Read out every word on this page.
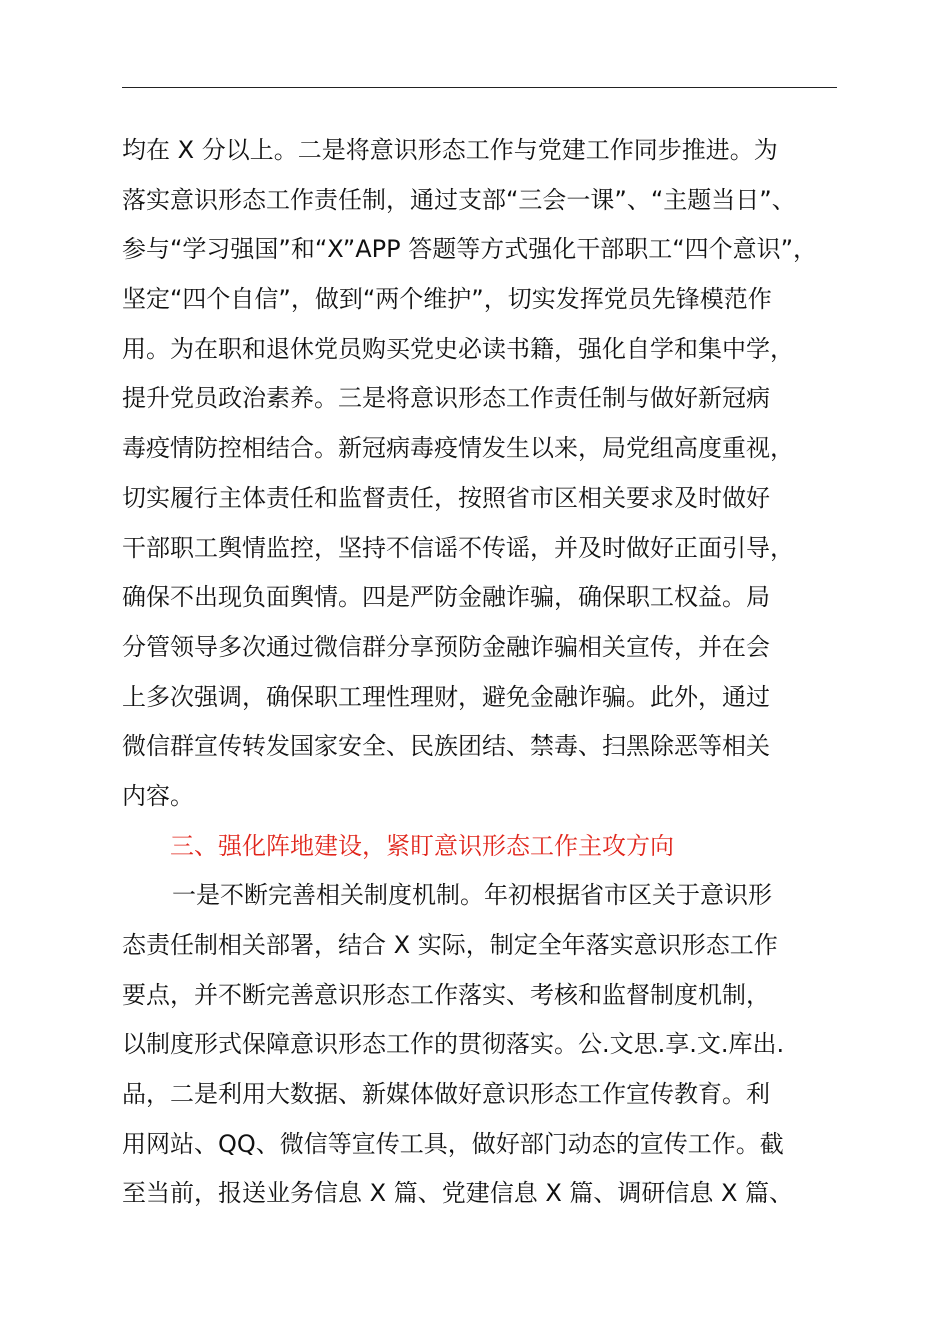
均在 X 分以上。二是将意识形态工作与党建工作同步推进。为
落实意识形态工作责任制，通过支部“三会一课”、“主题当日”、
参与“学习强国”和“X”APP 答题等方式强化干部职工“四个意识”，
坚定“四个自信”，做到“两个维护”，切实发挥党员先锋模范作
用。为在职和退休党员购买党史必读书籍，强化自学和集中学，
提升党员政治素养。三是将意识形态工作责任制与做好新冠病
毒疫情防控相结合。新冠病毒疫情发生以来，局党组高度重视，
切实履行主体责任和监督责任，按照省市区相关要求及时做好
干部职工舆情监控，坚持不信谣不传谣，并及时做好正面引导，
确保不出现负面舆情。四是严防金融诈骗，确保职工权益。局
分管领导多次通过微信群分享预防金融诈骗相关宣传，并在会
上多次强调，确保职工理性理财，避免金融诈骗。此外，通过
微信群宣传转发国家安全、民族团结、禁毒、扫黑除恶等相关
内容。
三、强化阵地建设，紧盯意识形态工作主攻方向
一是不断完善相关制度机制。年初根据省市区关于意识形
态责任制相关部署，结合 X 实际，制定全年落实意识形态工作
要点，并不断完善意识形态工作落实、考核和监督制度机制，
以制度形式保障意识形态工作的贯彻落实。公.文思.享.文.库出.
品，二是利用大数据、新媒体做好意识形态工作宣传教育。利
用网站、QQ、微信等宣传工具，做好部门动态的宣传工作。截
至当前，报送业务信息 X 篇、党建信息 X 篇、调研信息 X 篇、
